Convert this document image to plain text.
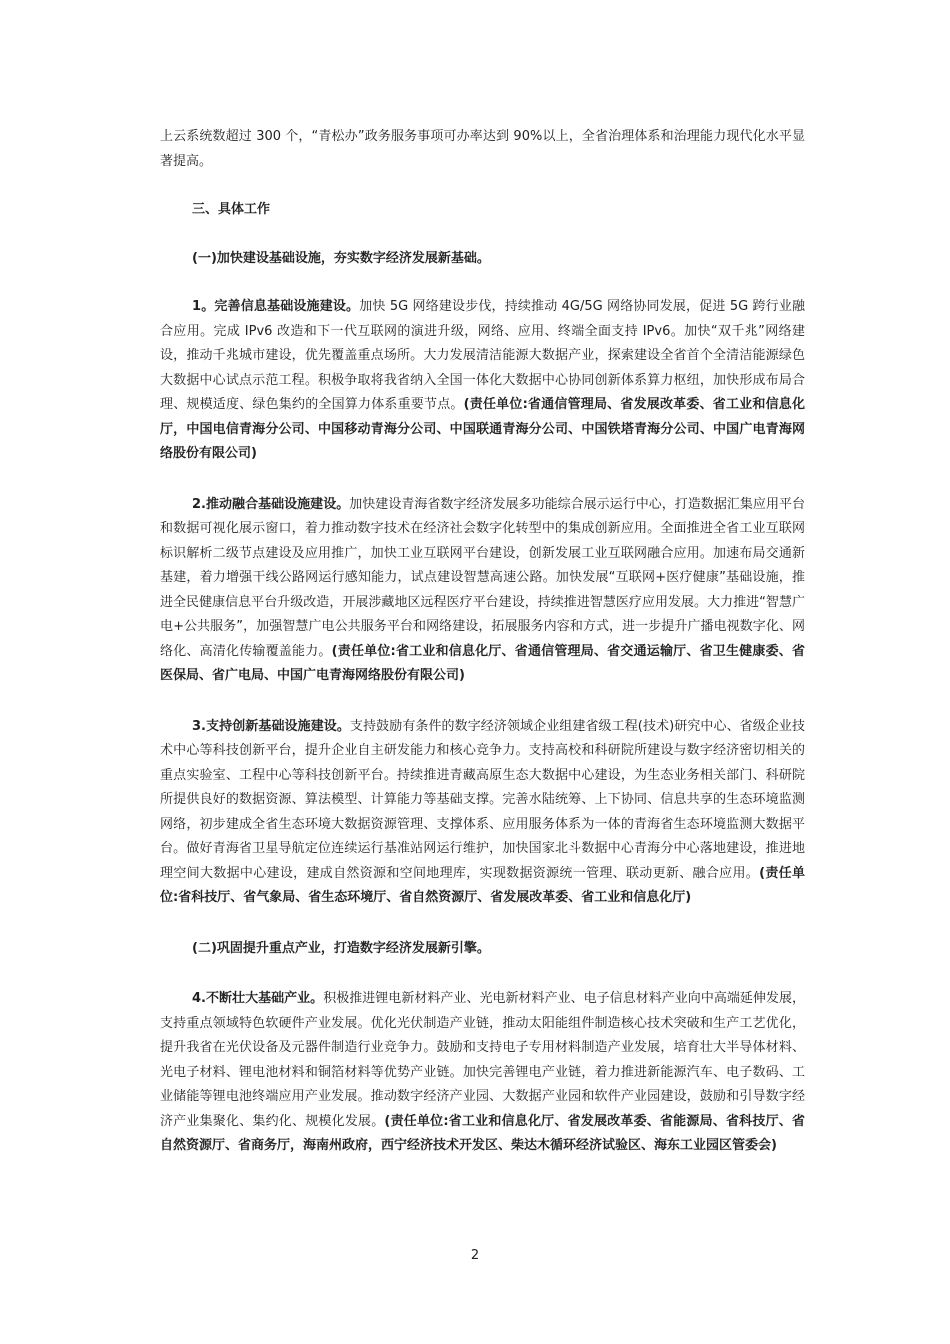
上云系统数超过 300 个，“青松办”政务服务事项可办率达到 90%以上，全省治理体系和治理能力现代化水平显著提高。

三、具体工作

(一)加快建设基础设施，夯实数字经济发展新基础。

1。完善信息基础设施建设。加快 5G 网络建设步伐，持续推动 4G/5G 网络协同发展，促进 5G 跨行业融合应用。完成 IPv6 改造和下一代互联网的演进升级，网络、应用、终端全面支持 IPv6。加快“双千兆”网络建设，推动千兆城市建设，优先覆盖重点场所。大力发展清洁能源大数据产业，探索建设全省首个全清洁能源绿色大数据中心试点示范工程。积极争取将我省纳入全国一体化大数据中心协同创新体系算力枢纽，加快形成布局合理、规模适度、绿色集约的全国算力体系重要节点。(责任单位:省通信管理局、省发展改革委、省工业和信息化厅，中国电信青海分公司、中国移动青海分公司、中国联通青海分公司、中国铁塔青海分公司、中国广电青海网络股份有限公司)

2.推动融合基础设施建设。加快建设青海省数字经济发展多功能综合展示运行中心，打造数据汇集应用平台和数据可视化展示窗口，着力推动数字技术在经济社会数字化转型中的集成创新应用。全面推进全省工业互联网标识解析二级节点建设及应用推广，加快工业互联网平台建设，创新发展工业互联网融合应用。加速布局交通新基建，着力增强干线公路网运行感知能力，试点建设智慧高速公路。加快发展“互联网+医疗健康”基础设施，推进全民健康信息平台升级改造，开展涉藏地区远程医疗平台建设，持续推进智慧医疗应用发展。大力推进“智慧广电+公共服务”，加强智慧广电公共服务平台和网络建设，拓展服务内容和方式，进一步提升广播电视数字化、网络化、高清化传输覆盖能力。(责任单位:省工业和信息化厅、省通信管理局、省交通运输厅、省卫生健康委、省医保局、省广电局、中国广电青海网络股份有限公司)

3.支持创新基础设施建设。支持鼓励有条件的数字经济领域企业组建省级工程(技术)研究中心、省级企业技术中心等科技创新平台，提升企业自主研发能力和核心竞争力。支持高校和科研院所建设与数字经济密切相关的重点实验室、工程中心等科技创新平台。持续推进青藏高原生态大数据中心建设，为生态业务相关部门、科研院所提供良好的数据资源、算法模型、计算能力等基础支撑。完善水陆统筹、上下协同、信息共享的生态环境监测网络，初步建成全省生态环境大数据资源管理、支撑体系、应用服务体系为一体的青海省生态环境监测大数据平台。做好青海省卫星导航定位连续运行基准站网运行维护，加快国家北斗数据中心青海分中心落地建设，推进地理空间大数据中心建设，建成自然资源和空间地理库，实现数据资源统一管理、联动更新、融合应用。(责任单位:省科技厅、省气象局、省生态环境厅、省自然资源厅、省发展改革委、省工业和信息化厅)

(二)巩固提升重点产业，打造数字经济发展新引擎。

4.不断壮大基础产业。积极推进锂电新材料产业、光电新材料产业、电子信息材料产业向中高端延伸发展，支持重点领域特色软硬件产业发展。优化光伏制造产业链，推动太阳能组件制造核心技术突破和生产工艺优化，提升我省在光伏设备及元器件制造行业竞争力。鼓励和支持电子专用材料制造产业发展，培育壮大半导体材料、光电子材料、锂电池材料和铜箔材料等优势产业链。加快完善锂电产业链，着力推进新能源汽车、电子数码、工业储能等锂电池终端应用产业发展。推动数字经济产业园、大数据产业园和软件产业园建设，鼓励和引导数字经济产业集聚化、集约化、规模化发展。(责任单位:省工业和信息化厅、省发展改革委、省能源局、省科技厅、省自然资源厅、省商务厅，海南州政府，西宁经济技术开发区、柴达木循环经济试验区、海东工业园区管委会)

2
